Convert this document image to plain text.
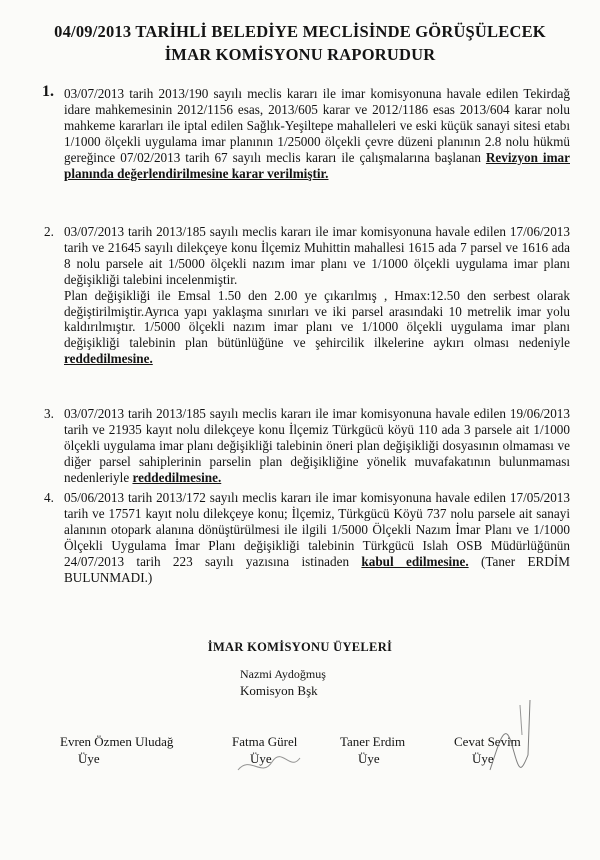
04/09/2013 TARİHLİ BELEDİYE MECLİSİNDE GÖRÜŞÜLECEK
İMAR KOMİSYONU RAPORUDUR
1. 03/07/2013 tarih 2013/190 sayılı meclis kararı ile imar komisyonuna havale edilen Tekirdağ idare mahkemesinin 2012/1156 esas, 2013/605 karar ve 2012/1186 esas 2013/604 karar nolu mahkeme kararları ile iptal edilen Sağlık-Yeşiltepe mahalleleri ve eski küçük sanayi sitesi etabı 1/1000 ölçekli uygulama imar planının 1/25000 ölçekli çevre düzeni planının 2.8 nolu hükmü gereğince 07/02/2013 tarih 67 sayılı meclis kararı ile çalışmalarına başlanan Revizyon imar planında değerlendirilmesine karar verilmiştir.
2. 03/07/2013 tarih 2013/185 sayılı meclis kararı ile imar komisyonuna havale edilen 17/06/2013 tarih ve 21645 sayılı dilekçeye konu İlçemiz Muhittin mahallesi 1615 ada 7 parsel ve 1616 ada 8 nolu parsele ait 1/5000 ölçekli nazım imar planı ve 1/1000 ölçekli uygulama imar planı değişikliği talebini incelenmiştir.
Plan değişikliği ile Emsal 1.50 den 2.00 ye çıkarılmış , Hmax:12.50 den serbest olarak değiştirilmiştir.Ayrıca yapı yaklaşma sınırları ve iki parsel arasındaki 10 metrelik imar yolu kaldırılmıştır. 1/5000 ölçekli nazım imar planı ve 1/1000 ölçekli uygulama imar planı değişikliği talebinin plan bütünlüğüne ve şehircilik ilkelerine aykırı olması nedeniyle reddedilmesine.
3. 03/07/2013 tarih 2013/185 sayılı meclis kararı ile imar komisyonuna havale edilen 19/06/2013 tarih ve 21935 kayıt nolu dilekçeye konu İlçemiz Türkgücü köyü 110 ada 3 parsele ait 1/1000 ölçekli uygulama imar planı değişikliği talebinin öneri plan değişikliği dosyasının olmaması ve diğer parsel sahiplerinin parselin plan değişikliğine yönelik muvafakatının bulunmaması nedenleriyle reddedilmesine.
4. 05/06/2013 tarih 2013/172 sayılı meclis kararı ile imar komisyonuna havale edilen 17/05/2013 tarih ve 17571 kayıt nolu dilekçeye konu; İlçemiz, Türkgücü Köyü 737 nolu parsele ait sanayi alanının otopark alanına dönüştürülmesi ile ilgili 1/5000 Ölçekli Nazım İmar Planı ve 1/1000 Ölçekli Uygulama İmar Planı değişikliği talebinin Türkgücü Islah OSB Müdürlüğünün 24/07/2013 tarih 223 sayılı yazısına istinaden kabul edilmesine. (Taner ERDİM BULUNMADI.)
İMAR KOMİSYONU ÜYELERİ
Nazmi Aydoğmuş
Komisyon Bşk
Evren Özmen Uludağ
Üye
Fatma Gürel
Üye
Taner Erdim
Üye
Cevat Sevim
Üye
